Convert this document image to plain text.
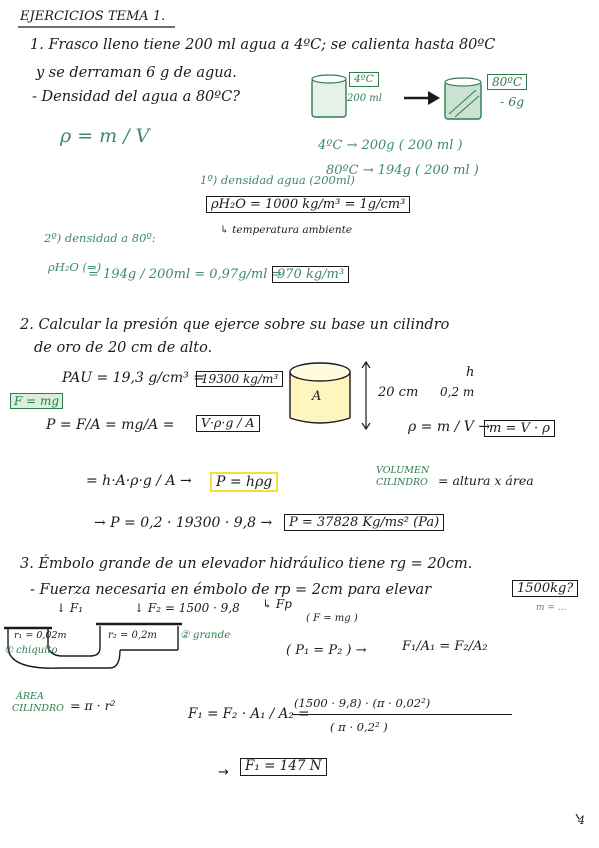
EJERCICIOS TEMA 1.
1. Frasco lleno tiene 200 ml agua a 4ºC; se calienta hasta 80ºC
y se derraman 6 g de agua.
- Densidad del agua a 80ºC?
ρ = m / V
4ºC
200 ml
80ºC
- 6g
4ºC → 200g ( 200 ml )
80ºC → 194g ( 200 ml )
1º) densidad agua (200ml)
ρH₂O = 1000 kg/m³ = 1g/cm³
↳ temperatura ambiente
2º) densidad a 80º:
ρH₂O (⇒)
= 194g / 200ml = 0,97g/ml =
970 kg/m³
2. Calcular la presión que ejerce sobre su base un cilindro
de oro de 20 cm de alto.
PAU = 19,3 g/cm³ =
19300 kg/m³
A	20 cm
h
0,2 m
F = mg
P = F/A = mg/A =	V·ρ·g / A	ρ = m / V →
m = V · ρ
= h·A·ρ·g / A →	P = hρg
VOLUMEN
CILINDRO = altura x área
→ P = 0,2 · 19300 · 9,8 →	P = 37828 Kg/ms² (Pa)
3. Émbolo grande de un elevador hidráulico tiene rg = 20cm.
- Fuerza necesaria en émbolo de rp = 2cm para elevar	1500kg?
m = ...
↓ F₁	↓ F₂ = 1500 · 9,8 ↳ Fp
( F = mg )
r₁ = 0,02m	r₂ = 0,2m
① chiquito
② grande
( P₁ = P₂ ) →	F₁/A₁ = F₂/A₂
ÁREA
CILINDRO = π · r²
F₁ = F₂ · A₁ / A₂ =
(1500 · 9,8) · (π · 0,02²)
( π · 0,2² )
→	F₁ = 147 N
4
